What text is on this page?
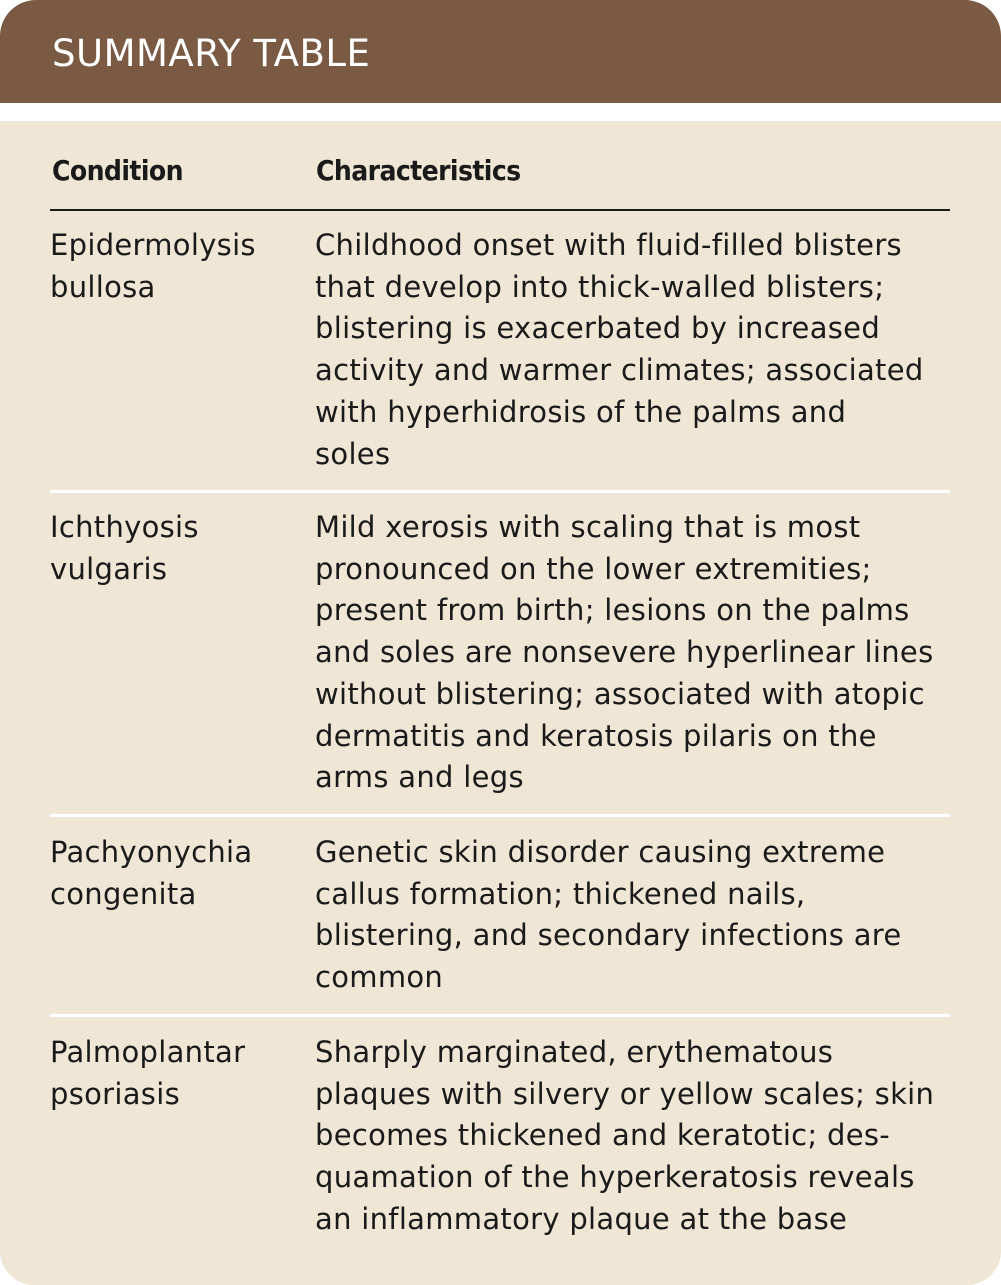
SUMMARY TABLE
Condition	Characteristics
Epidermolysis
bullosa
Childhood onset with fluid-filled blisters
that develop into thick-walled blisters;
blistering is exacerbated by increased
activity and warmer climates; associated
with hyperhidrosis of the palms and
soles
Ichthyosis
vulgaris
Mild xerosis with scaling that is most
pronounced on the lower extremities;
present from birth; lesions on the palms
and soles are nonsevere hyperlinear lines
without blistering; associated with atopic
dermatitis and keratosis pilaris on the
arms and legs
Pachyonychia
congenita
Genetic skin disorder causing extreme
callus formation; thickened nails,
blistering, and secondary infections are
common
Palmoplantar
psoriasis
Sharply marginated, erythematous
plaques with silvery or yellow scales; skin
becomes thickened and keratotic; des-
quamation of the hyperkeratosis reveals
an inflammatory plaque at the base
